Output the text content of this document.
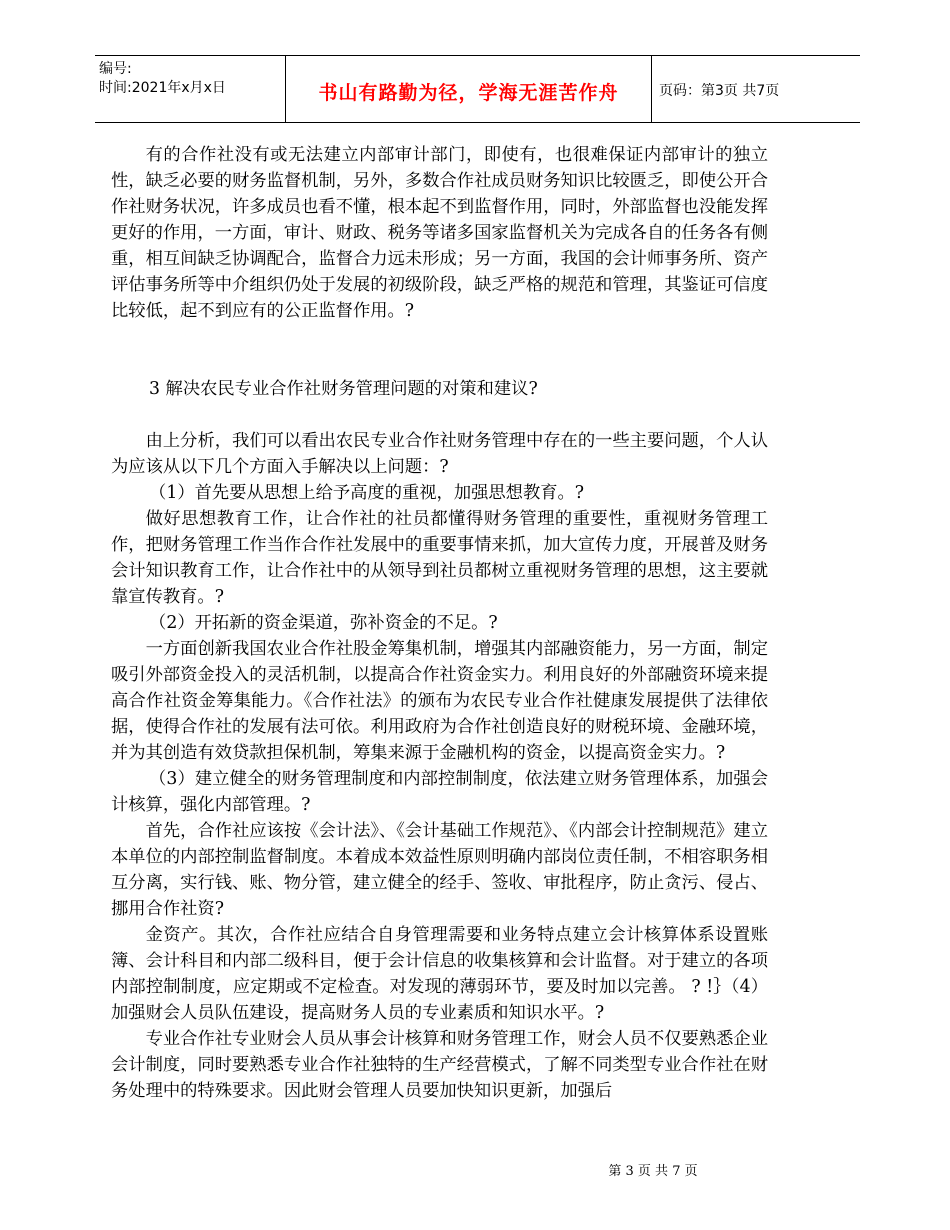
编号:
时间:2021年x月x日	书山有路勤为径，学海无涯苦作舟	页码：第3页 共7页

有的合作社没有或无法建立内部审计部门，即使有，也很难保证内部审计的独立性，缺乏必要的财务监督机制，另外，多数合作社成员财务知识比较匮乏，即使公开合作社财务状况，许多成员也看不懂，根本起不到监督作用，同时，外部监督也没能发挥更好的作用，一方面，审计、财政、税务等诸多国家监督机关为完成各自的任务各有侧重，相互间缺乏协调配合，监督合力远未形成；另一方面，我国的会计师事务所、资产评估事务所等中介组织仍处于发展的初级阶段，缺乏严格的规范和管理，其鉴证可信度比较低，起不到应有的公正监督作用。?

3 解决农民专业合作社财务管理问题的对策和建议?

由上分析，我们可以看出农民专业合作社财务管理中存在的一些主要问题，个人认为应该从以下几个方面入手解决以上问题：?

（1）首先要从思想上给予高度的重视，加强思想教育。?

做好思想教育工作，让合作社的社员都懂得财务管理的重要性，重视财务管理工作，把财务管理工作当作合作社发展中的重要事情来抓，加大宣传力度，开展普及财务会计知识教育工作，让合作社中的从领导到社员都树立重视财务管理的思想，这主要就靠宣传教育。?

（2）开拓新的资金渠道，弥补资金的不足。?

一方面创新我国农业合作社股金筹集机制，增强其内部融资能力，另一方面，制定吸引外部资金投入的灵活机制，以提高合作社资金实力。利用良好的外部融资环境来提高合作社资金筹集能力。《合作社法》的颁布为农民专业合作社健康发展提供了法律依据，使得合作社的发展有法可依。利用政府为合作社创造良好的财税环境、金融环境，并为其创造有效贷款担保机制，筹集来源于金融机构的资金，以提高资金实力。?

（3）建立健全的财务管理制度和内部控制制度，依法建立财务管理体系，加强会计核算，强化内部管理。?

首先，合作社应该按《会计法》、《会计基础工作规范》、《内部会计控制规范》建立本单位的内部控制监督制度。本着成本效益性原则明确内部岗位责任制，不相容职务相互分离，实行钱、账、物分管，建立健全的经手、签收、审批程序，防止贪污、侵占、挪用合作社资?

金资产。其次，合作社应结合自身管理需要和业务特点建立会计核算体系设置账簿、会计科目和内部二级科目，便于会计信息的收集核算和会计监督。对于建立的各项内部控制制度，应定期或不定检查。对发现的薄弱环节，要及时加以完善。 ? !｝（4）加强财会人员队伍建设，提高财务人员的专业素质和知识水平。?

专业合作社专业财会人员从事会计核算和财务管理工作，财会人员不仅要熟悉企业会计制度，同时要熟悉专业合作社独特的生产经营模式，了解不同类型专业合作社在财务处理中的特殊要求。因此财会管理人员要加快知识更新，加强后

第 3 页 共 7 页
